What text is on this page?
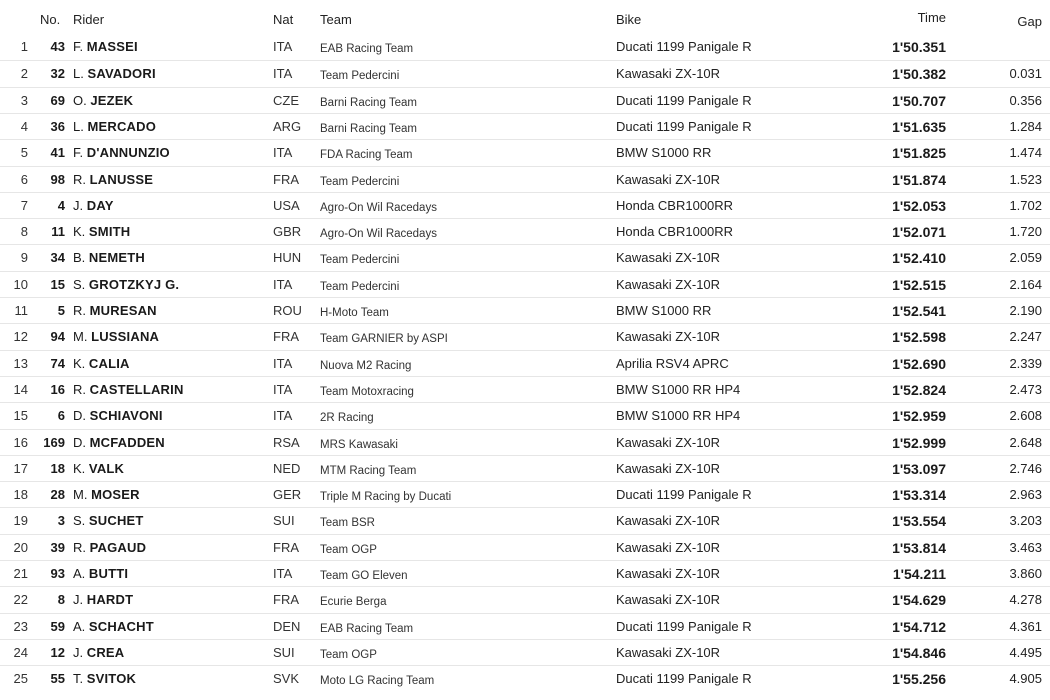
No. Rider	Nat Team	Bike	Time	Gap
1	43 F. MASSEI	ITA EAB Racing Team	Ducati 1199 Panigale R	1'50.351
2	32 L. SAVADORI	ITA Team Pedercini	Kawasaki ZX-10R	1'50.382	0.031
3	69 O. JEZEK	CZE Barni Racing Team	Ducati 1199 Panigale R	1'50.707	0.356
4	36 L. MERCADO	ARG Barni Racing Team	Ducati 1199 Panigale R	1'51.635	1.284
5	41 F. D'ANNUNZIO	ITA FDA Racing Team	BMW S1000 RR	1'51.825	1.474
6	98 R. LANUSSE	FRA Team Pedercini	Kawasaki ZX-10R	1'51.874	1.523
7	4 J. DAY	USA Agro-On Wil Racedays	Honda CBR1000RR	1'52.053	1.702
8	11 K. SMITH	GBR Agro-On Wil Racedays	Honda CBR1000RR	1'52.071	1.720
9	34 B. NEMETH	HUN Team Pedercini	Kawasaki ZX-10R	1'52.410	2.059
10	15 S. GROTZKYJ G.	ITA Team Pedercini	Kawasaki ZX-10R	1'52.515	2.164
11	5 R. MURESAN	ROU H-Moto Team	BMW S1000 RR	1'52.541	2.190
12	94 M. LUSSIANA	FRA Team GARNIER by ASPI	Kawasaki ZX-10R	1'52.598	2.247
13	74 K. CALIA	ITA Nuova M2 Racing	Aprilia RSV4 APRC	1'52.690	2.339
14	16 R. CASTELLARIN	ITA Team Motoxracing	BMW S1000 RR HP4	1'52.824	2.473
15	6 D. SCHIAVONI	ITA 2R Racing	BMW S1000 RR HP4	1'52.959	2.608
16	169 D. MCFADDEN	RSA MRS Kawasaki	Kawasaki ZX-10R	1'52.999	2.648
17	18 K. VALK	NED MTM Racing Team	Kawasaki ZX-10R	1'53.097	2.746
18	28 M. MOSER	GER Triple M Racing by Ducati	Ducati 1199 Panigale R	1'53.314	2.963
19	3 S. SUCHET	SUI Team BSR	Kawasaki ZX-10R	1'53.554	3.203
20	39 R. PAGAUD	FRA Team OGP	Kawasaki ZX-10R	1'53.814	3.463
21	93 A. BUTTI	ITA Team GO Eleven	Kawasaki ZX-10R	1'54.211	3.860
22	8 J. HARDT	FRA Ecurie Berga	Kawasaki ZX-10R	1'54.629	4.278
23	59 A. SCHACHT	DEN EAB Racing Team	Ducati 1199 Panigale R	1'54.712	4.361
24	12 J. CREA	SUI Team OGP	Kawasaki ZX-10R	1'54.846	4.495
25	55 T. SVITOK	SVK Moto LG Racing Team	Ducati 1199 Panigale R	1'55.256	4.905
